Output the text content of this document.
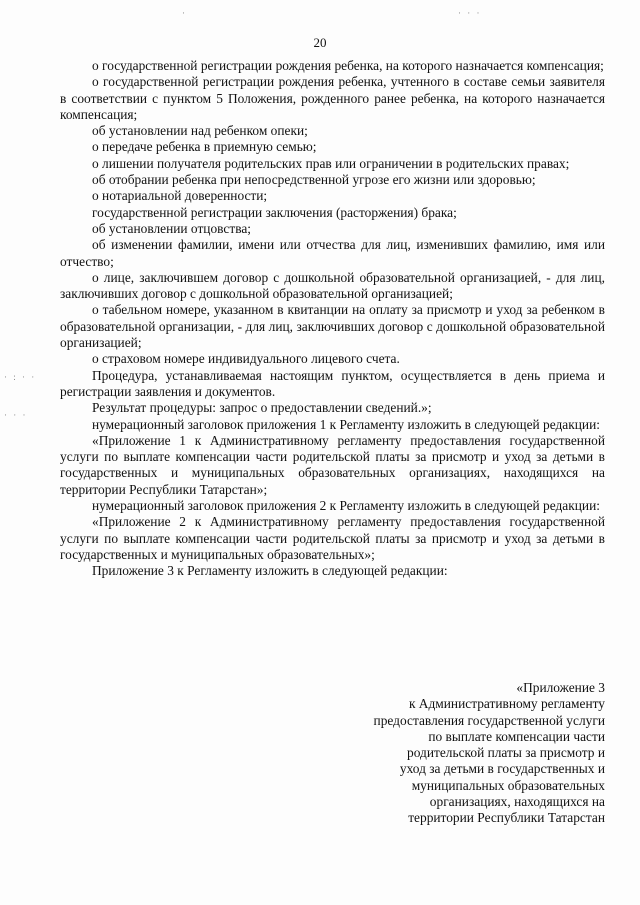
20
·	· · ·
· : · ·
· · ·

о государственной регистрации рождения ребенка, на которого назначается компенсация;

о государственной регистрации рождения ребенка, учтенного в составе семьи заявителя в соответствии с пунктом 5 Положения, рожденного ранее ребенка, на которого назначается компенсация;

об установлении над ребенком опеки;

о передаче ребенка в приемную семью;

о лишении получателя родительских прав или ограничении в родительских правах;

об отобрании ребенка при непосредственной угрозе его жизни или здоровью;

о нотариальной доверенности;

государственной регистрации заключения (расторжения) брака;

об установлении отцовства;

об изменении фамилии, имени или отчества для лиц, изменивших фамилию, имя или отчество;

о лице, заключившем договор с дошкольной образовательной организацией, - для лиц, заключивших договор с дошкольной образовательной организацией;

о табельном номере, указанном в квитанции на оплату за присмотр и уход за ребенком в образовательной организации, - для лиц, заключивших договор с дошкольной образовательной организацией;

о страховом номере индивидуального лицевого счета.

Процедура, устанавливаемая настоящим пунктом, осуществляется в день приема и регистрации заявления и документов.

Результат процедуры: запрос о предоставлении сведений.»;

нумерационный заголовок приложения 1 к Регламенту изложить в следующей редакции:

«Приложение 1 к Административному регламенту предоставления государственной услуги по выплате компенсации части родительской платы за присмотр и уход за детьми в государственных и муниципальных образовательных организациях, находящихся на территории Республики Татарстан»;

нумерационный заголовок приложения 2 к Регламенту изложить в следующей редакции:

«Приложение 2 к Административному регламенту предоставления государственной услуги по выплате компенсации части родительской платы за присмотр и уход за детьми в государственных и муниципальных образовательных»;

Приложение 3 к Регламенту изложить в следующей редакции:

«Приложение 3
к Административному регламенту
предоставления государственной услуги
по выплате компенсации части
родительской платы за присмотр и
уход за детьми в государственных и
муниципальных образовательных
организациях, находящихся на
территории Республики Татарстан
